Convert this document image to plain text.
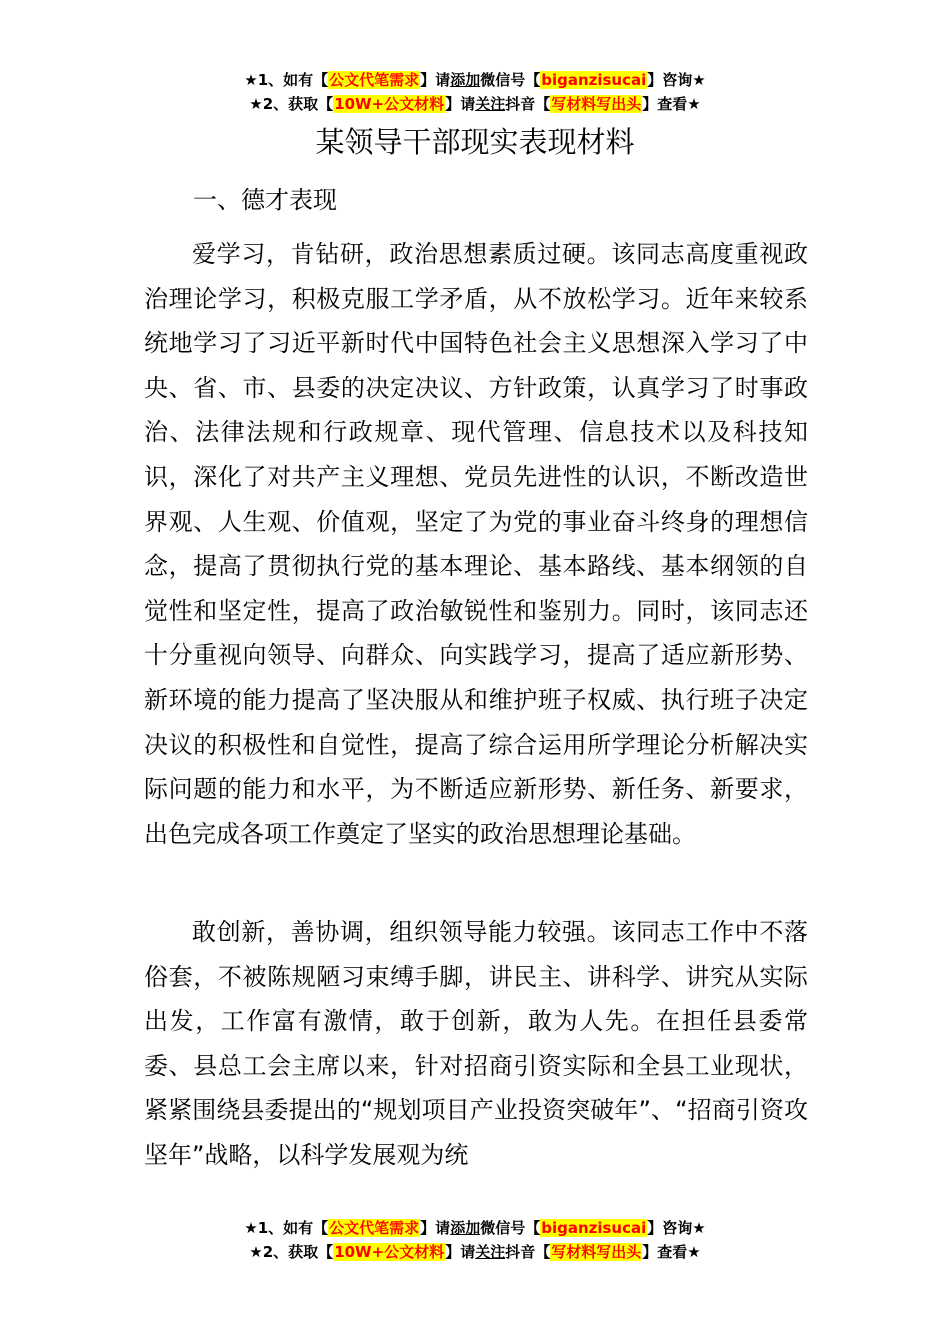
★1、如有【公文代笔需求】请添加微信号【biganzisucai】咨询★
★2、获取【10W+公文材料】请关注抖音【写材料写出头】查看★
某领导干部现实表现材料
一、德才表现

爱学习，肯钻研，政治思想素质过硬。该同志高度重视政治理论学习，积极克服工学矛盾，从不放松学习。近年来较系统地学习了习近平新时代中国特色社会主义思想深入学习了中央、省、市、县委的决定决议、方针政策，认真学习了时事政治、法律法规和行政规章、现代管理、信息技术以及科技知识，深化了对共产主义理想、党员先进性的认识，不断改造世界观、人生观、价值观，坚定了为党的事业奋斗终身的理想信念，提高了贯彻执行党的基本理论、基本路线、基本纲领的自觉性和坚定性，提高了政治敏锐性和鉴别力。同时，该同志还十分重视向领导、向群众、向实践学习，提高了适应新形势、新环境的能力提高了坚决服从和维护班子权威、执行班子决定决议的积极性和自觉性，提高了综合运用所学理论分析解决实际问题的能力和水平，为不断适应新形势、新任务、新要求，出色完成各项工作奠定了坚实的政治思想理论基础。

敢创新，善协调，组织领导能力较强。该同志工作中不落俗套，不被陈规陋习束缚手脚，讲民主、讲科学、讲究从实际出发，工作富有激情，敢于创新，敢为人先。在担任县委常委、县总工会主席以来，针对招商引资实际和全县工业现状，紧紧围绕县委提出的“规划项目产业投资突破年”、“招商引资攻坚年”战略，以科学发展观为统

★1、如有【公文代笔需求】请添加微信号【biganzisucai】咨询★
★2、获取【10W+公文材料】请关注抖音【写材料写出头】查看★
